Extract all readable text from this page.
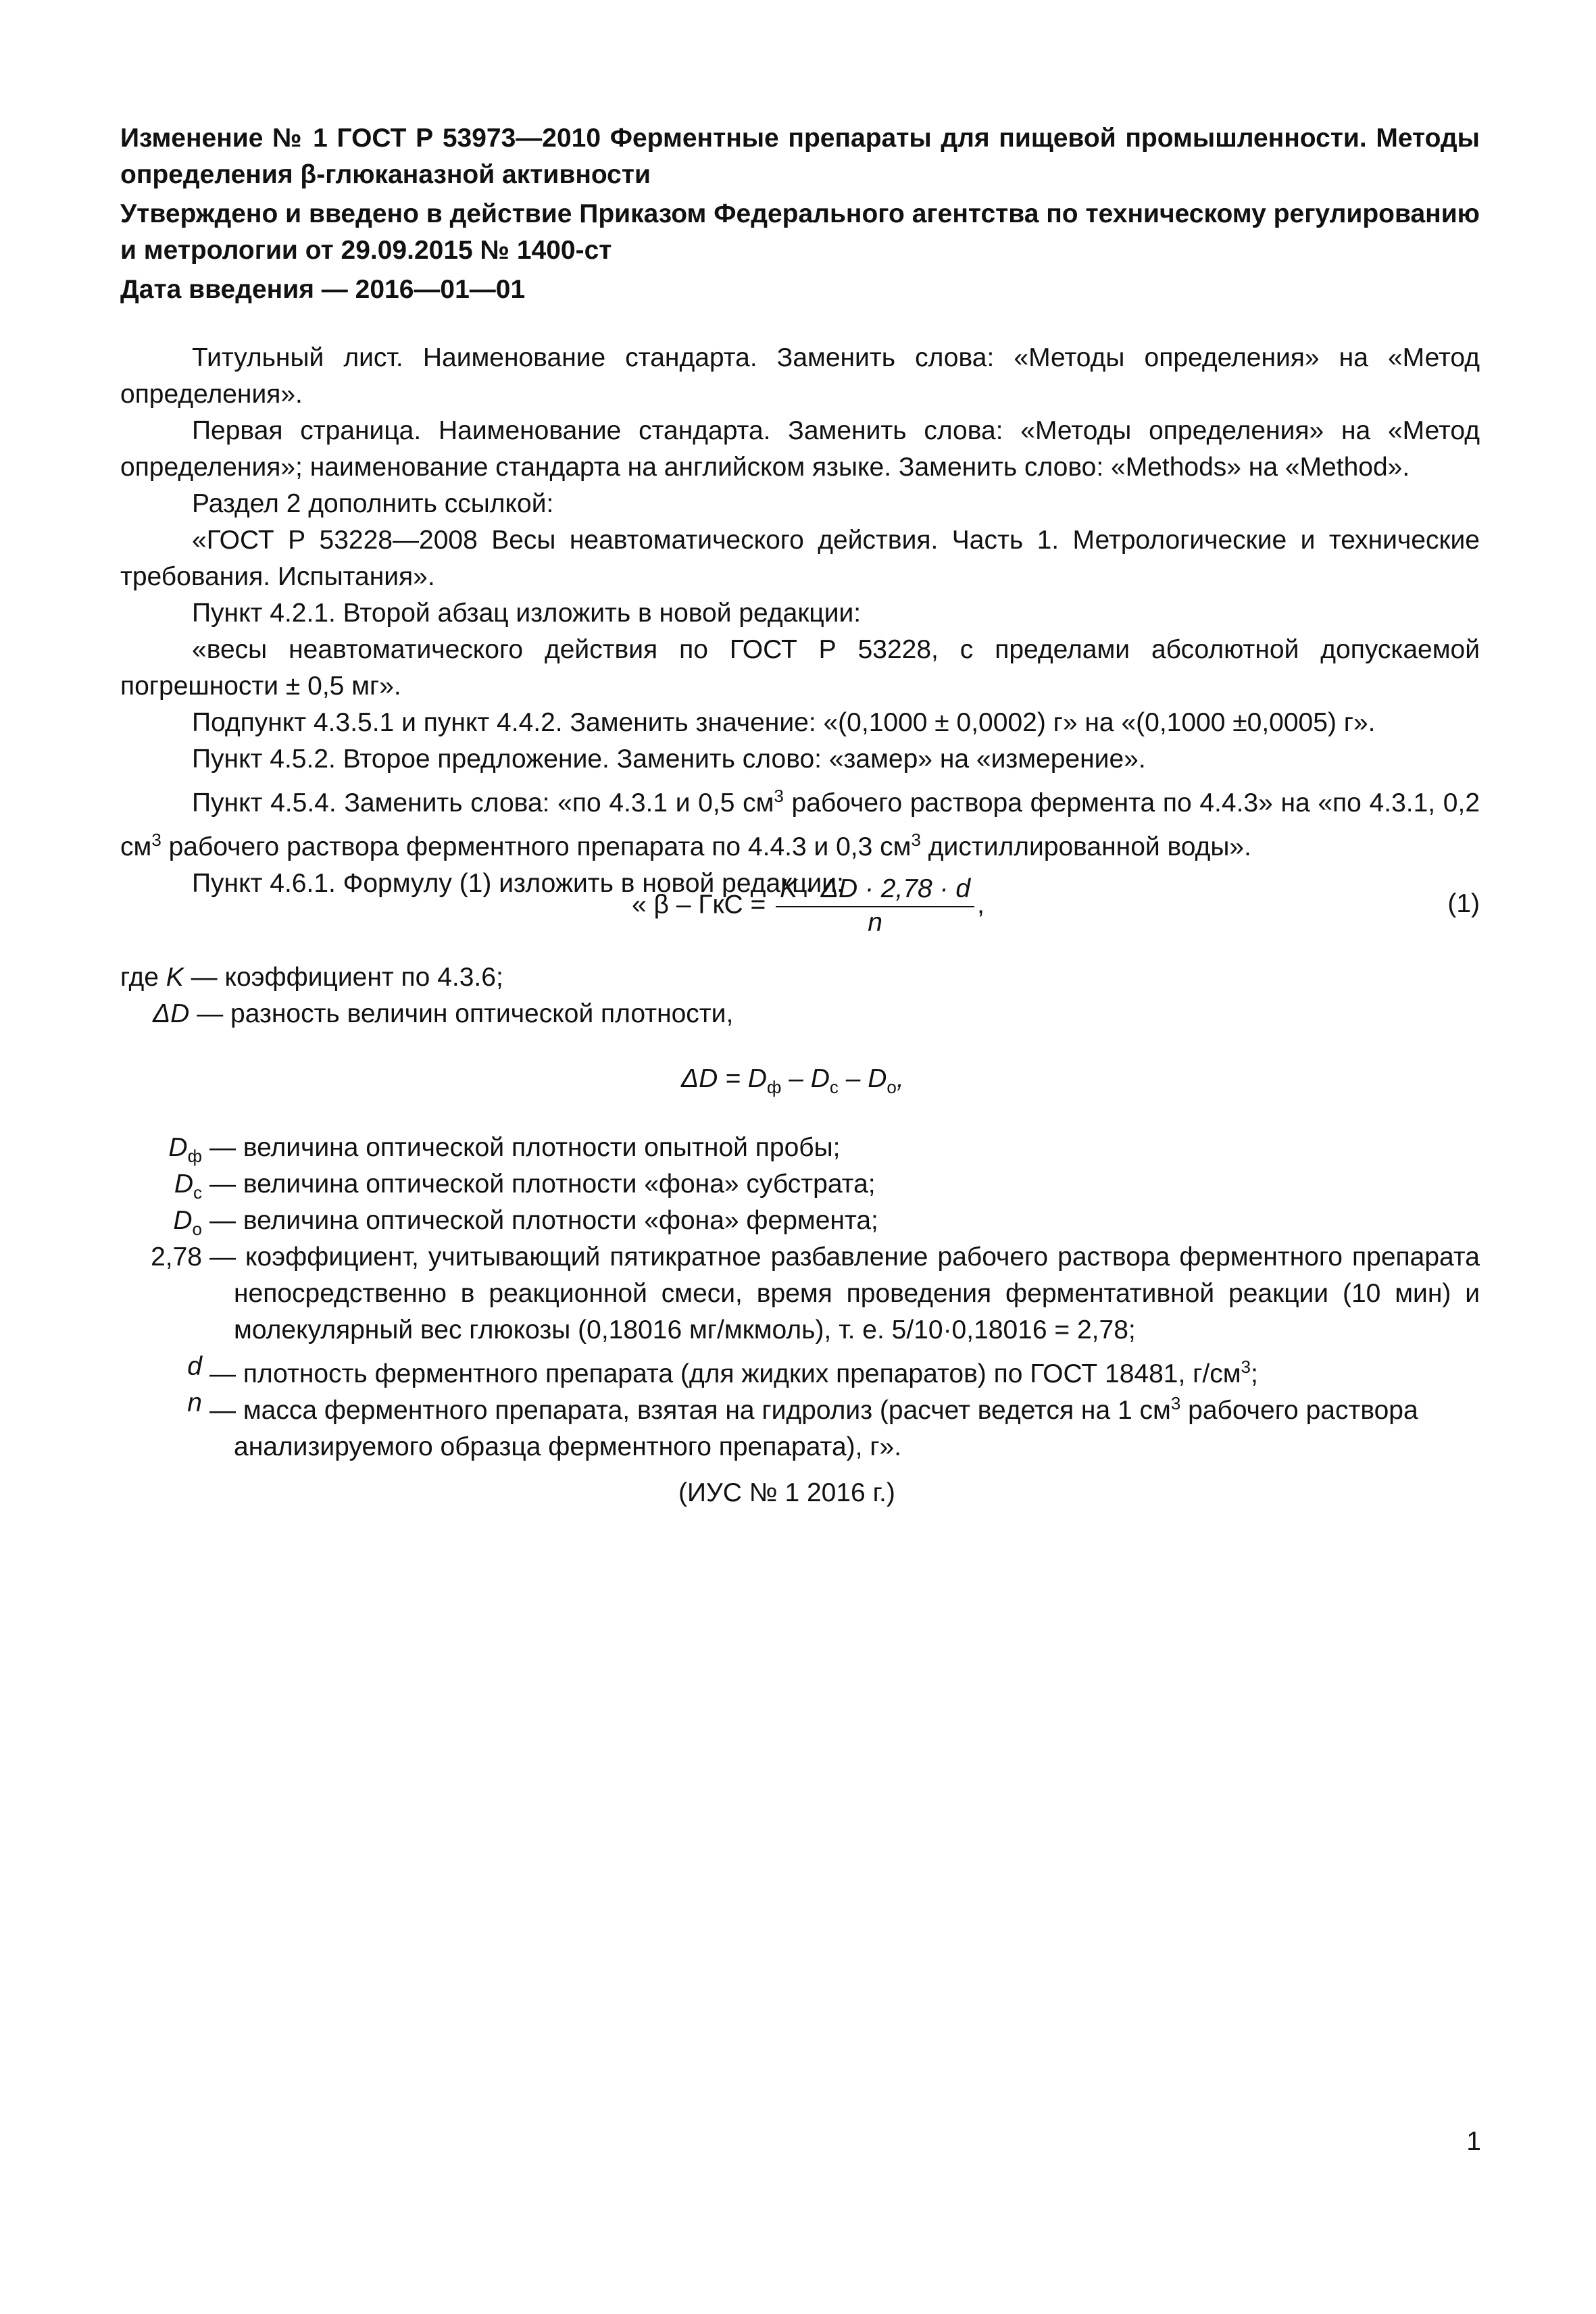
Изменение № 1 ГОСТ Р 53973—2010 Ферментные препараты для пищевой промышленности. Методы определения β-глюканазной активности
Утверждено и введено в действие Приказом Федерального агентства по техническому регулированию и метрологии от 29.09.2015 № 1400-ст
Дата введения — 2016—01—01

Титульный лист. Наименование стандарта. Заменить слова: «Методы определения» на «Метод определения».

Первая страница. Наименование стандарта. Заменить слова: «Методы определения» на «Метод определения»; наименование стандарта на английском языке. Заменить слово: «Methods» на «Method».

Раздел 2 дополнить ссылкой:

«ГОСТ Р 53228—2008 Весы неавтоматического действия. Часть 1. Метрологические и технические требования. Испытания».

Пункт 4.2.1. Второй абзац изложить в новой редакции:

«весы неавтоматического действия по ГОСТ Р 53228, с пределами абсолютной допускаемой погрешности ± 0,5 мг».

Подпункт 4.3.5.1 и пункт 4.4.2. Заменить значение: «(0,1000 ± 0,0002) г» на «(0,1000 ±0,0005) г».

Пункт 4.5.2. Второе предложение. Заменить слово: «замер» на «измерение».

Пункт 4.5.4. Заменить слова: «по 4.3.1 и 0,5 $см^3$ рабочего раствора фермента по 4.4.3» на «по 4.3.1, 0,2 $см^3$ рабочего раствора ферментного препарата по 4.4.3 и 0,3 $см^3$ дистиллированной воды».

Пункт 4.6.1. Формулу (1) изложить в новой редакции:

« β – ГкС = $\frac{K \cdot \Delta D \cdot 2,78 \cdot d}{n}$ ,	(1)
где K — коэффициент по 4.3.6;
ΔD — разность величин оптической плотности,
$\Delta D = D_ф - D_с - D_о$,
$D_ф$ — величина оптической плотности опытной пробы;
$D_с$ — величина оптической плотности «фона» субстрата;
$D_о$ — величина оптической плотности «фона» фермента;
2,78 — коэффициент, учитывающий пятикратное разбавление рабочего раствора ферментного препарата непосредственно в реакционной смеси, время проведения ферментативной реакции (10 мин) и молекулярный вес глюкозы (0,18016 мг/мкмоль), т. е. 5/10·0,18016 = 2,78;
d — плотность ферментного препарата (для жидких препаратов) по ГОСТ 18481, $г/см^3$;
n — масса ферментного препарата, взятая на гидролиз (расчет ведется на 1 $см^3$ рабочего раствора анализируемого образца ферментного препарата), г».
(ИУС № 1 2016 г.)
1
